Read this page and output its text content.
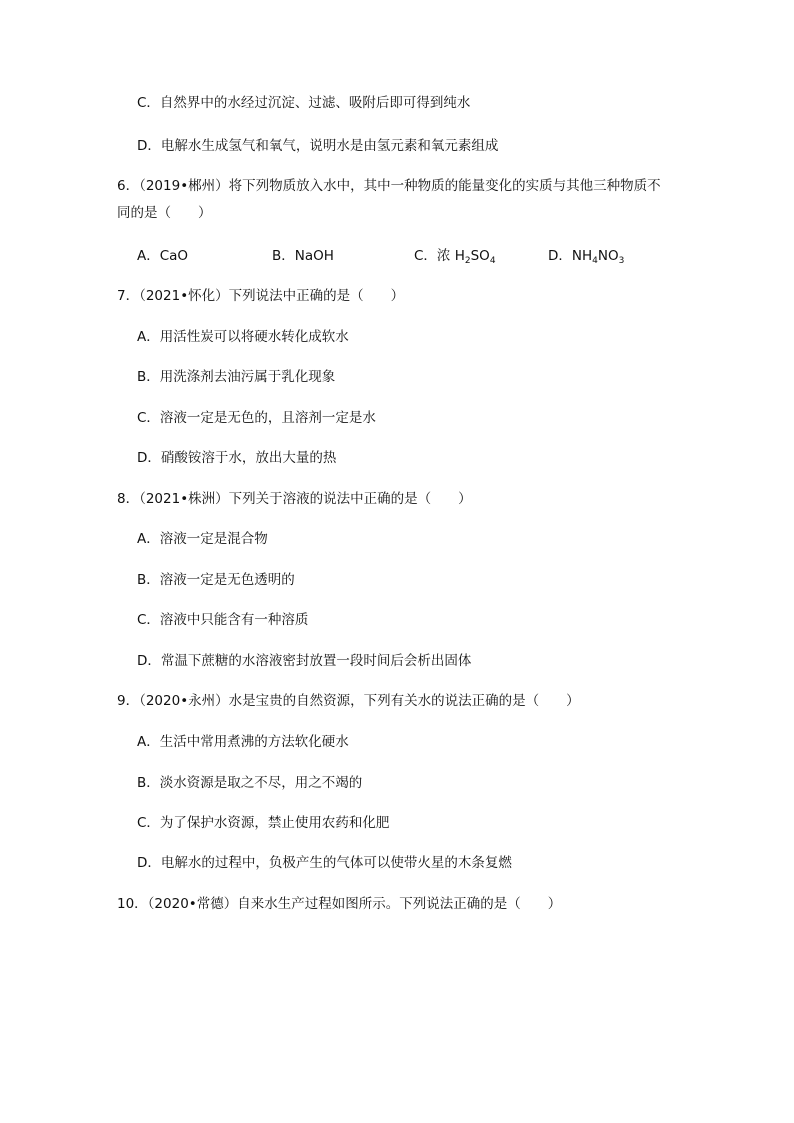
C．自然界中的水经过沉淀、过滤、吸附后即可得到纯水
D．电解水生成氢气和氧气，说明水是由氢元素和氧元素组成
6．（2019•郴州）将下列物质放入水中，其中一种物质的能量变化的实质与其他三种物质不
同的是（　　）
A．CaO	B．NaOH	C．浓 $H_2SO_4$	D．$NH_4NO_3$
7．（2021•怀化）下列说法中正确的是（　　）
A．用活性炭可以将硬水转化成软水
B．用洗涤剂去油污属于乳化现象
C．溶液一定是无色的，且溶剂一定是水
D．硝酸铵溶于水，放出大量的热
8．（2021•株洲）下列关于溶液的说法中正确的是（　　）
A．溶液一定是混合物
B．溶液一定是无色透明的
C．溶液中只能含有一种溶质
D．常温下蔗糖的水溶液密封放置一段时间后会析出固体
9．（2020•永州）水是宝贵的自然资源，下列有关水的说法正确的是（　　）
A．生活中常用煮沸的方法软化硬水
B．淡水资源是取之不尽，用之不竭的
C．为了保护水资源，禁止使用农药和化肥
D．电解水的过程中，负极产生的气体可以使带火星的木条复燃
10．（2020•常德）自来水生产过程如图所示。下列说法正确的是（　　）
